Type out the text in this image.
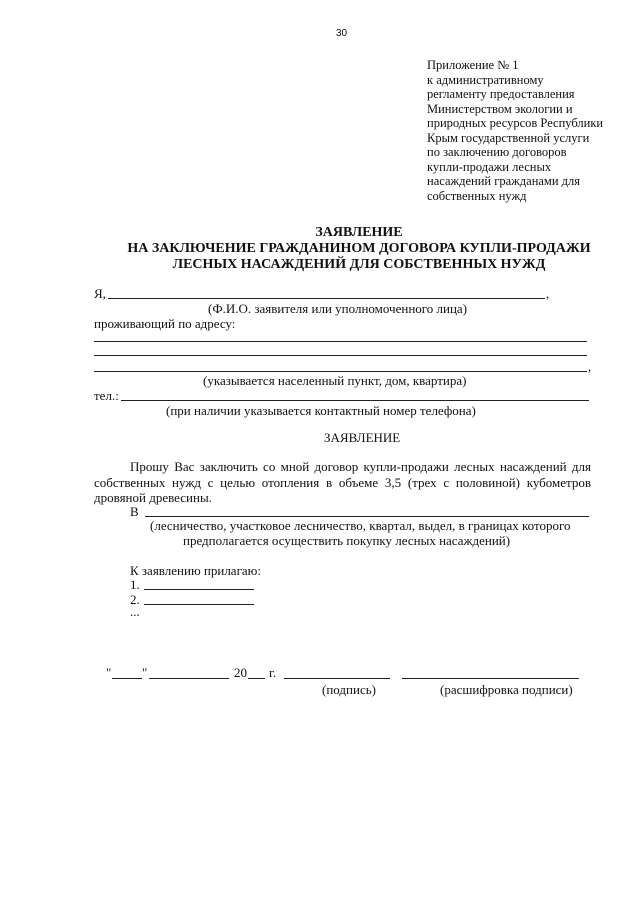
30
Приложение № 1
к административному
регламенту предоставления
Министерством экологии и
природных ресурсов Республики
Крым государственной услуги
по заключению договоров
купли-продажи лесных
насаждений гражданами для
собственных нужд
ЗАЯВЛЕНИЕ
НА ЗАКЛЮЧЕНИЕ ГРАЖДАНИНОМ ДОГОВОРА КУПЛИ-ПРОДАЖИ
ЛЕСНЫХ НАСАЖДЕНИЙ ДЛЯ СОБСТВЕННЫХ НУЖД
Я,	,
(Ф.И.О. заявителя или уполномоченного лица)
проживающий по адресу:
,
(указывается населенный пункт, дом, квартира)
тел.:
(при наличии указывается контактный номер телефона)
ЗАЯВЛЕНИЕ
Прошу Вас заключить со мной договор купли-продажи лесных насаждений для
собственных нужд с целью отопления в объеме 3,5 (трех с половиной) кубометров
дровяной древесины.
В
(лесничество, участковое лесничество, квартал, выдел, в границах которого
предполагается осуществить покупку лесных насаждений)
К заявлению прилагаю:
1.
2.
...
" "	20 г.
(подпись)	(расшифровка подписи)
